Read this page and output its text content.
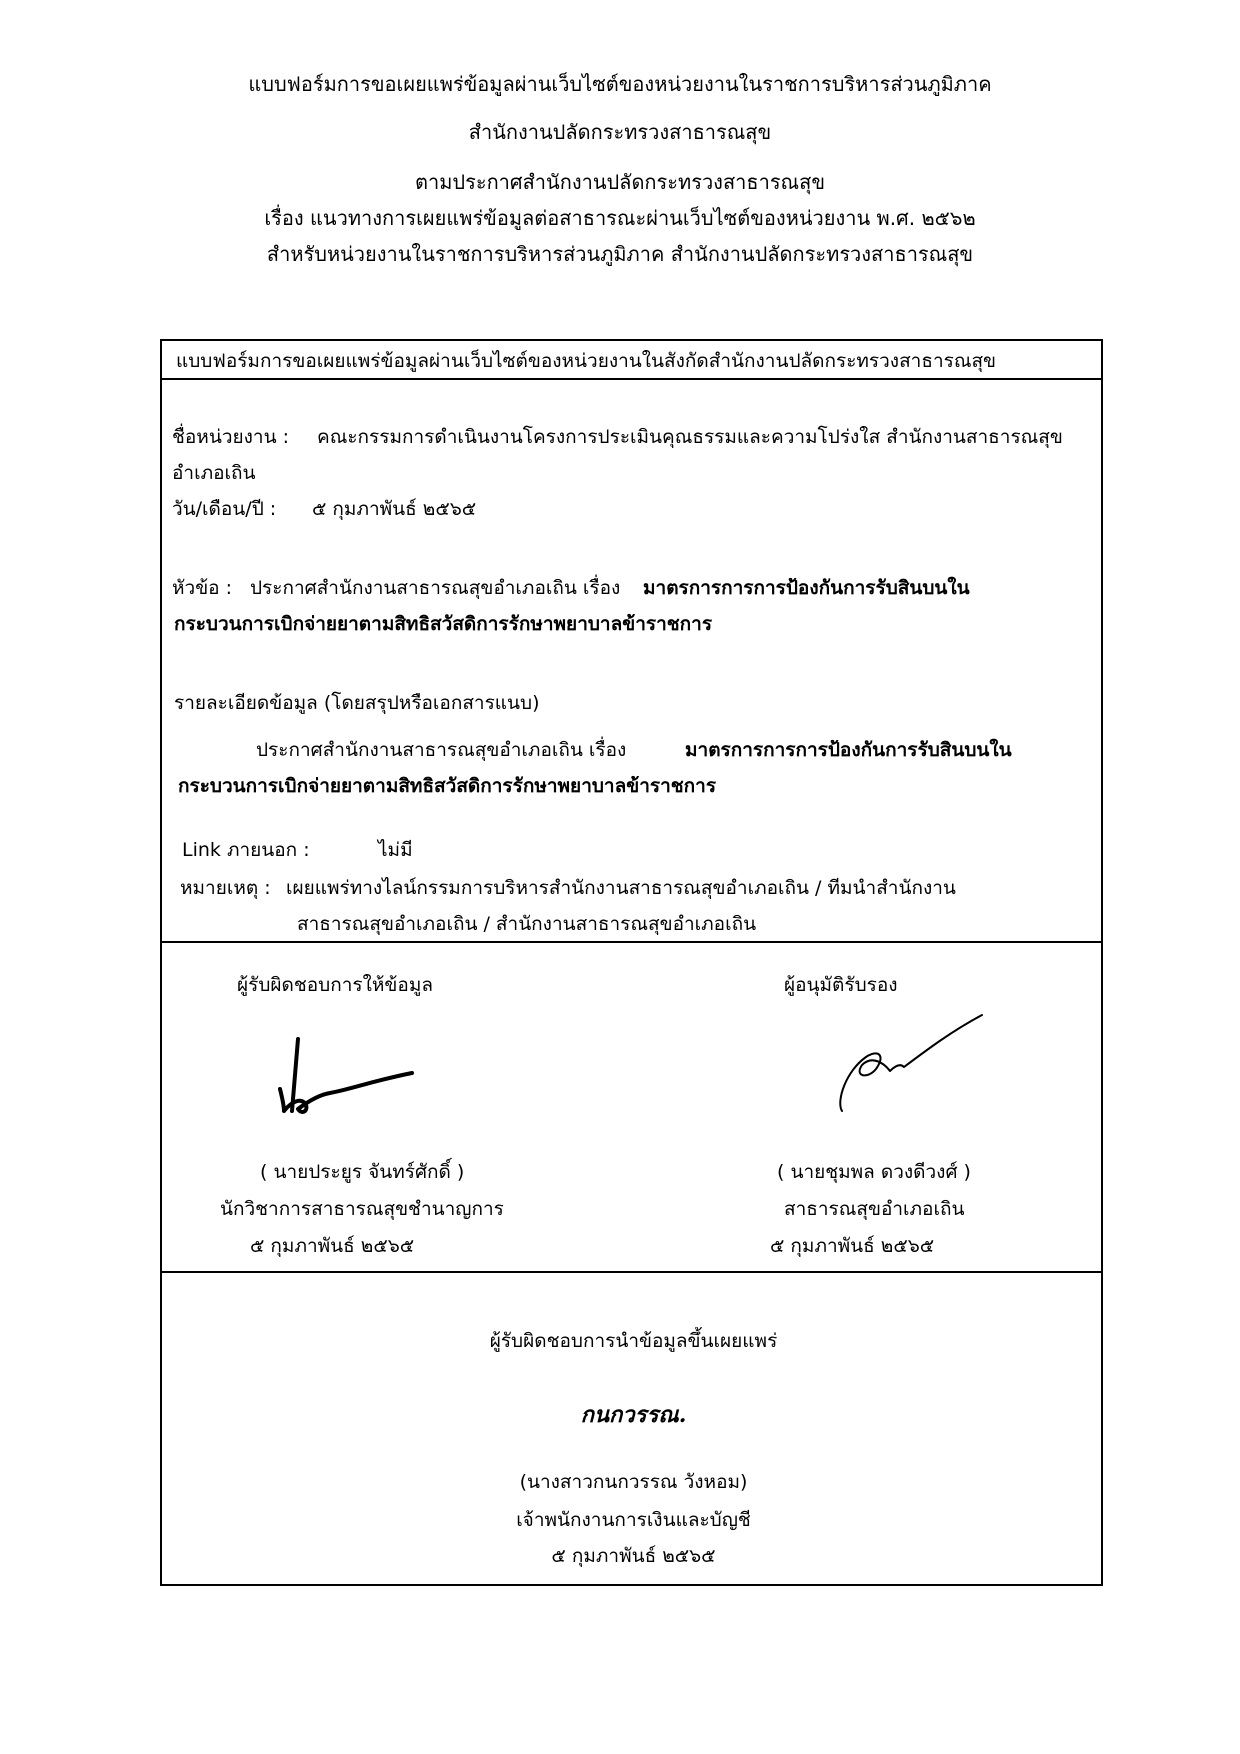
แบบฟอร์มการขอเผยแพร่ข้อมูลผ่านเว็บไซต์ของหน่วยงานในราชการบริหารส่วนภูมิภาค
สำนักงานปลัดกระทรวงสาธารณสุข
ตามประกาศสำนักงานปลัดกระทรวงสาธารณสุข
เรื่อง แนวทางการเผยแพร่ข้อมูลต่อสาธารณะผ่านเว็บไซต์ของหน่วยงาน พ.ศ. ๒๕๖๒
สำหรับหน่วยงานในราชการบริหารส่วนภูมิภาค สำนักงานปลัดกระทรวงสาธารณสุข
แบบฟอร์มการขอเผยแพร่ข้อมูลผ่านเว็บไซต์ของหน่วยงานในสังกัดสำนักงานปลัดกระทรวงสาธารณสุข
ชื่อหน่วยงาน : คณะกรรมการดำเนินงานโครงการประเมินคุณธรรมและความโปร่งใส สำนักงานสาธารณสุข
อำเภอเถิน
วัน/เดือน/ปี : ๕ กุมภาพันธ์ ๒๕๖๕
หัวข้อ : ประกาศสำนักงานสาธารณสุขอำเภอเถิน เรื่อง มาตรการการการป้องกันการรับสินบนใน
กระบวนการเบิกจ่ายยาตามสิทธิสวัสดิการรักษาพยาบาลข้าราชการ
รายละเอียดข้อมูล (โดยสรุปหรือเอกสารแนบ)
ประกาศสำนักงานสาธารณสุขอำเภอเถิน เรื่อง	มาตรการการการป้องกันการรับสินบนใน
กระบวนการเบิกจ่ายยาตามสิทธิสวัสดิการรักษาพยาบาลข้าราชการ
Link ภายนอก :	ไม่มี
หมายเหตุ : เผยแพร่ทางไลน์กรรมการบริหารสำนักงานสาธารณสุขอำเภอเถิน / ทีมนำสำนักงาน
สาธารณสุขอำเภอเถิน / สำนักงานสาธารณสุขอำเภอเถิน
ผู้รับผิดชอบการให้ข้อมูล
( นายประยูร จันทร์ศักดิ์ )
นักวิชาการสาธารณสุขชำนาญการ
๕ กุมภาพันธ์ ๒๕๖๕
ผู้อนุมัติรับรอง
( นายชุมพล ดวงดีวงศ์ )
สาธารณสุขอำเภอเถิน
๕ กุมภาพันธ์ ๒๕๖๕
ผู้รับผิดชอบการนำข้อมูลขึ้นเผยแพร่
กนกวรรณ.
(นางสาวกนกวรรณ วังหอม)
เจ้าพนักงานการเงินและบัญชี
๕ กุมภาพันธ์ ๒๕๖๕
